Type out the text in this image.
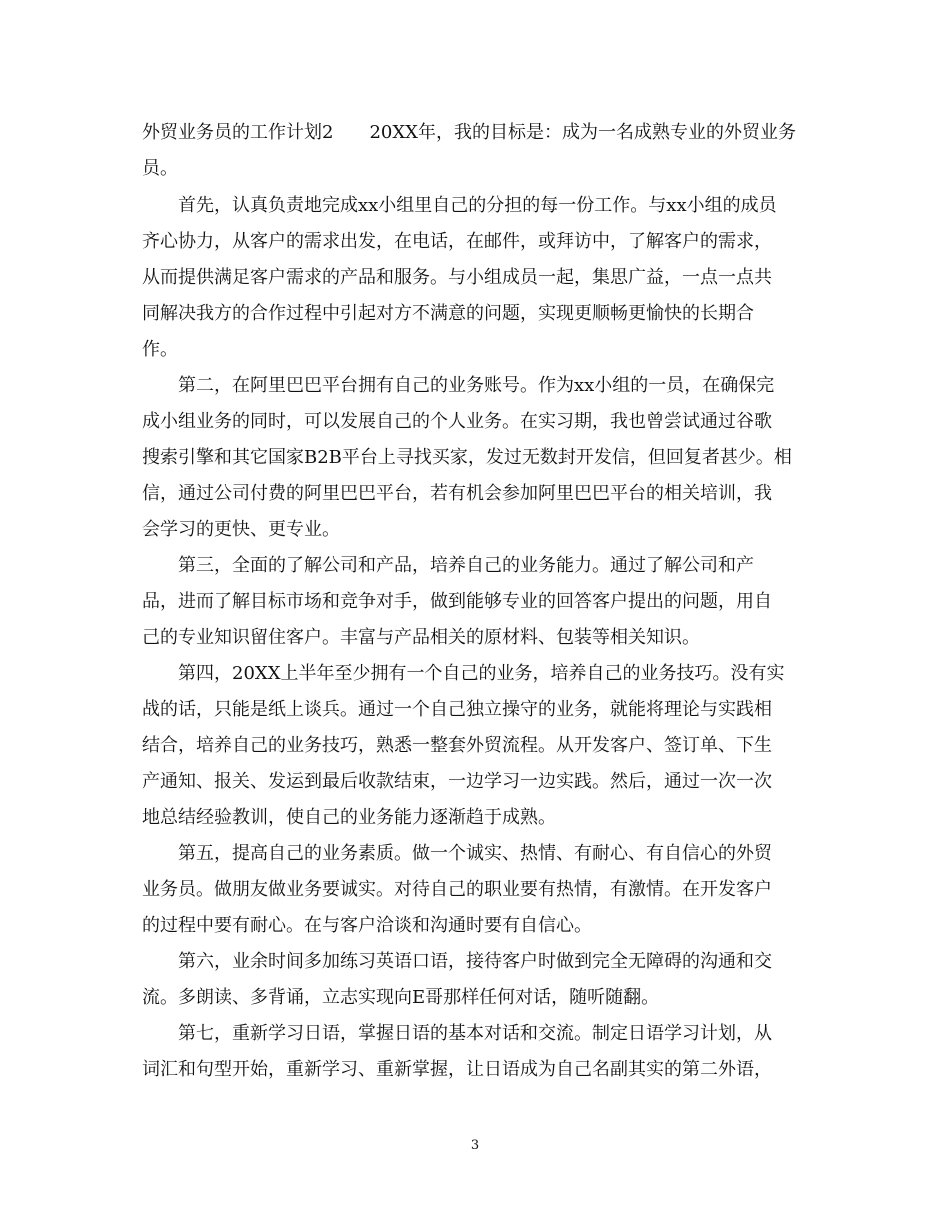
外贸业务员的工作计划2　　20XX年，我的目标是：成为一名成熟专业的外贸业务
员。
首先，认真负责地完成xx小组里自己的分担的每一份工作。与xx小组的成员
齐心协力，从客户的需求出发，在电话，在邮件，或拜访中，了解客户的需求，
从而提供满足客户需求的产品和服务。与小组成员一起，集思广益，一点一点共
同解决我方的合作过程中引起对方不满意的问题，实现更顺畅更愉快的长期合
作。
第二，在阿里巴巴平台拥有自己的业务账号。作为xx小组的一员，在确保完
成小组业务的同时，可以发展自己的个人业务。在实习期，我也曾尝试通过谷歌
搜索引擎和其它国家B2B平台上寻找买家，发过无数封开发信，但回复者甚少。相
信，通过公司付费的阿里巴巴平台，若有机会参加阿里巴巴平台的相关培训，我
会学习的更快、更专业。
第三，全面的了解公司和产品，培养自己的业务能力。通过了解公司和产
品，进而了解目标市场和竞争对手，做到能够专业的回答客户提出的问题，用自
己的专业知识留住客户。丰富与产品相关的原材料、包装等相关知识。
第四，20XX上半年至少拥有一个自己的业务，培养自己的业务技巧。没有实
战的话，只能是纸上谈兵。通过一个自己独立操守的业务，就能将理论与实践相
结合，培养自己的业务技巧，熟悉一整套外贸流程。从开发客户、签订单、下生
产通知、报关、发运到最后收款结束，一边学习一边实践。然后，通过一次一次
地总结经验教训，使自己的业务能力逐渐趋于成熟。
第五，提高自己的业务素质。做一个诚实、热情、有耐心、有自信心的外贸
业务员。做朋友做业务要诚实。对待自己的职业要有热情，有激情。在开发客户
的过程中要有耐心。在与客户洽谈和沟通时要有自信心。
第六，业余时间多加练习英语口语，接待客户时做到完全无障碍的沟通和交
流。多朗读、多背诵，立志实现向E哥那样任何对话，随听随翻。
第七，重新学习日语，掌握日语的基本对话和交流。制定日语学习计划，从
词汇和句型开始，重新学习、重新掌握，让日语成为自己名副其实的第二外语，
3
